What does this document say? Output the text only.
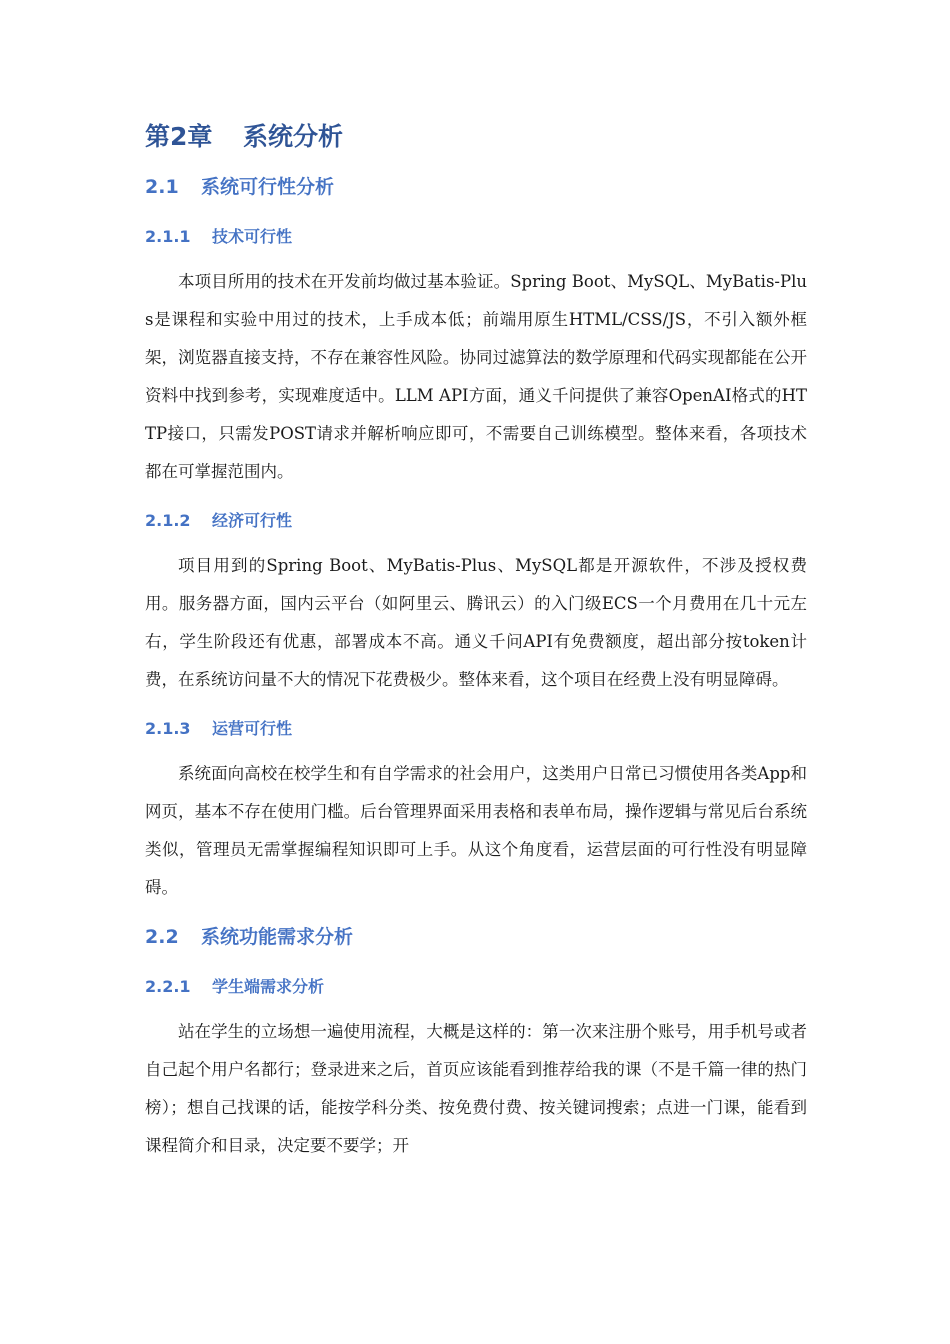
第2章 系统分析
2.1 系统可行性分析
2.1.1 技术可行性

本项目所用的技术在开发前均做过基本验证。Spring Boot、MySQL、MyBatis-Plus是课程和实验中用过的技术，上手成本低；前端用原生HTML/CSS/JS，不引入额外框架，浏览器直接支持，不存在兼容性风险。协同过滤算法的数学原理和代码实现都能在公开资料中找到参考，实现难度适中。LLM API方面，通义千问提供了兼容OpenAI格式的HTTP接口，只需发POST请求并解析响应即可，不需要自己训练模型。整体来看，各项技术都在可掌握范围内。

2.1.2 经济可行性

项目用到的Spring Boot、MyBatis-Plus、MySQL都是开源软件，不涉及授权费用。服务器方面，国内云平台（如阿里云、腾讯云）的入门级ECS一个月费用在几十元左右，学生阶段还有优惠，部署成本不高。通义千问API有免费额度，超出部分按token计费，在系统访问量不大的情况下花费极少。整体来看，这个项目在经费上没有明显障碍。

2.1.3 运营可行性

系统面向高校在校学生和有自学需求的社会用户，这类用户日常已习惯使用各类App和网页，基本不存在使用门槛。后台管理界面采用表格和表单布局，操作逻辑与常见后台系统类似，管理员无需掌握编程知识即可上手。从这个角度看，运营层面的可行性没有明显障碍。

2.2 系统功能需求分析
2.2.1 学生端需求分析

站在学生的立场想一遍使用流程，大概是这样的：第一次来注册个账号，用手机号或者自己起个用户名都行；登录进来之后，首页应该能看到推荐给我的课（不是千篇一律的热门榜）；想自己找课的话，能按学科分类、按免费付费、按关键词搜索；点进一门课，能看到课程简介和目录，决定要不要学；开
